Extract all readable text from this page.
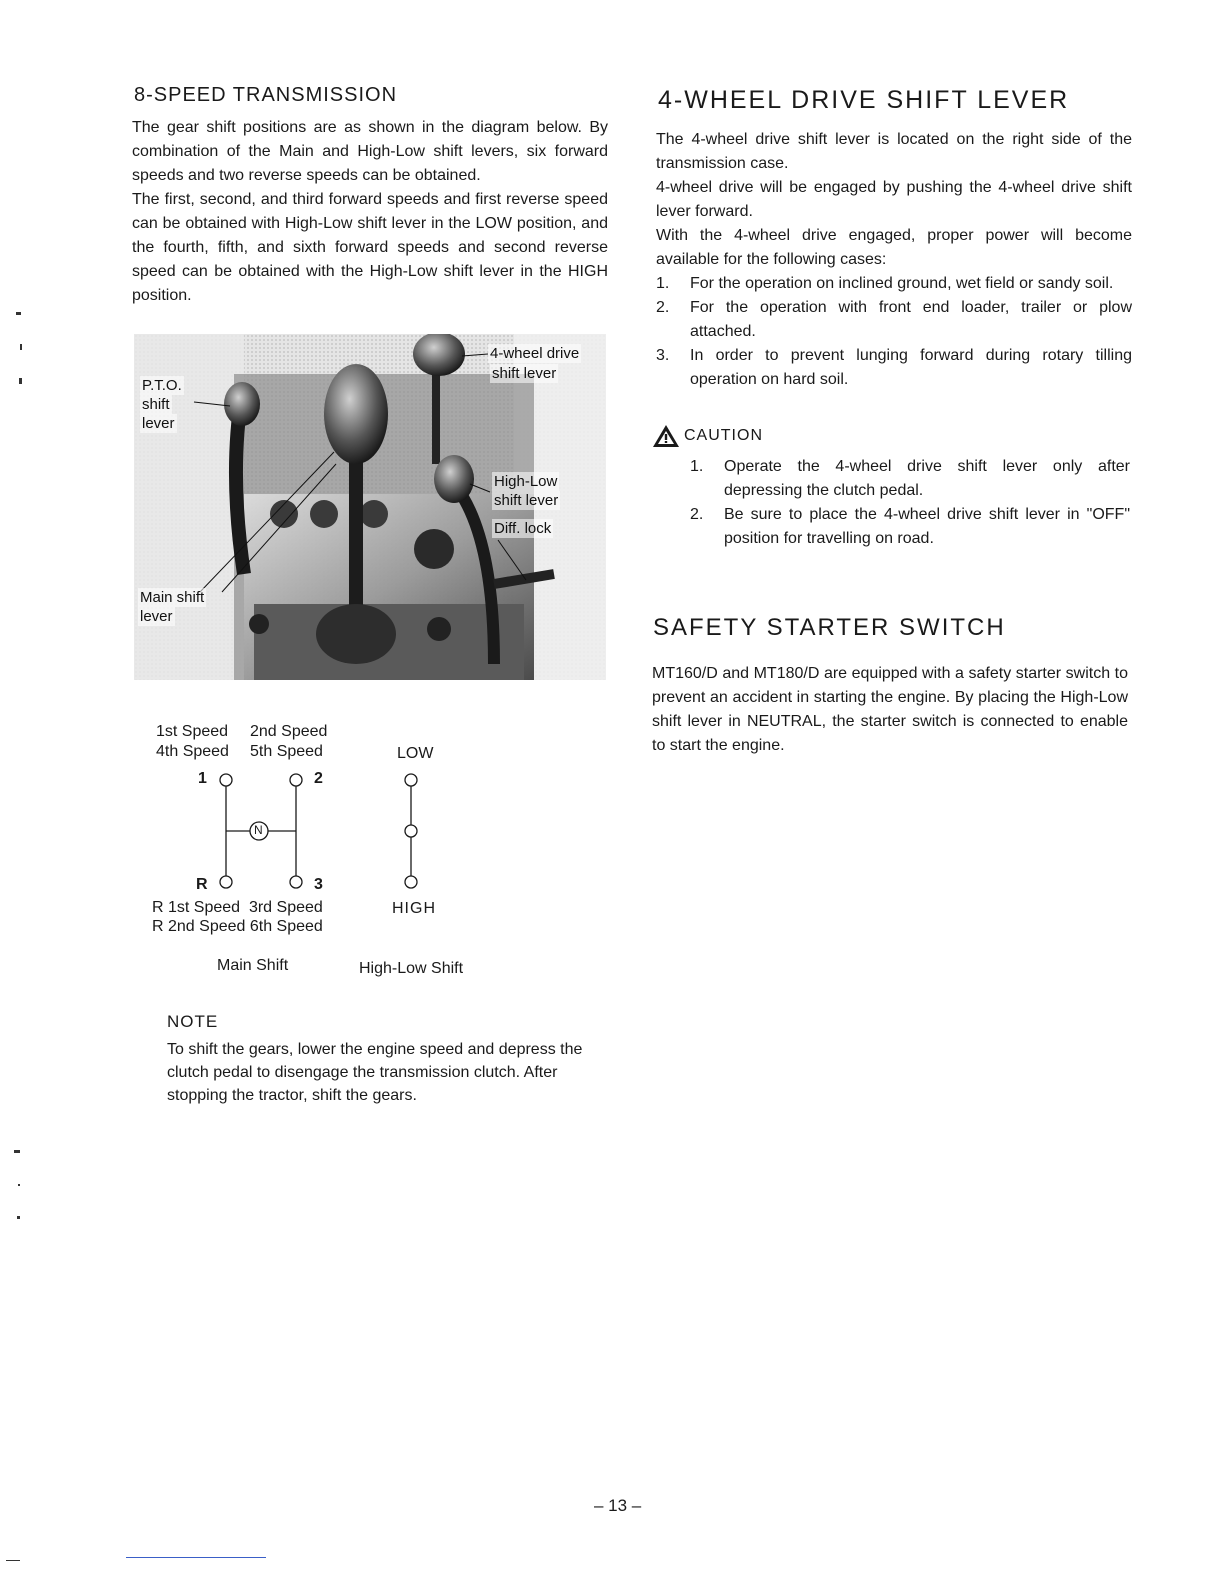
8-SPEED TRANSMISSION

The gear shift positions are as shown in the diagram below. By combination of the Main and High-Low shift levers, six forward speeds and two reverse speeds can be obtained.

The first, second, and third forward speeds and first reverse speed can be obtained with High-Low shift lever in the LOW position, and the fourth, fifth, and sixth forward speeds and second reverse speed can be obtained with the High-Low shift lever in the HIGH position.

P.T.O.
shift
lever
4-wheel drive
shift lever
High-Low
shift lever
Diff. lock
Main shift
lever
1st Speed
4th Speed
2nd Speed
5th Speed
1	2
N
R	3
R 1st Speed  3rd Speed
R 2nd Speed 6th Speed
LOW
HIGH
Main Shift	High-Low Shift
NOTE

To shift the gears, lower the engine speed and depress the clutch pedal to disengage the transmission clutch. After stopping the tractor, shift the gears.

4-WHEEL DRIVE SHIFT LEVER

The 4-wheel drive shift lever is located on the right side of the transmission case.

4-wheel drive will be engaged by pushing the 4-wheel drive shift lever forward.

With the 4-wheel drive engaged, proper power will become available for the following cases:

1. For the operation on inclined ground, wet field or sandy soil.
2. For the operation with front end loader, trailer or plow attached.
3. In order to prevent lunging forward during rotary tilling operation on hard soil.
CAUTION
1. Operate the 4-wheel drive shift lever only after depressing the clutch pedal.
2. Be sure to place the 4-wheel drive shift lever in "OFF" position for travelling on road.
SAFETY STARTER SWITCH

MT160/D and MT180/D are equipped with a safety starter switch to prevent an accident in starting the engine. By placing the High-Low shift lever in NEUTRAL, the starter switch is connected to enable to start the engine.

– 13 –
